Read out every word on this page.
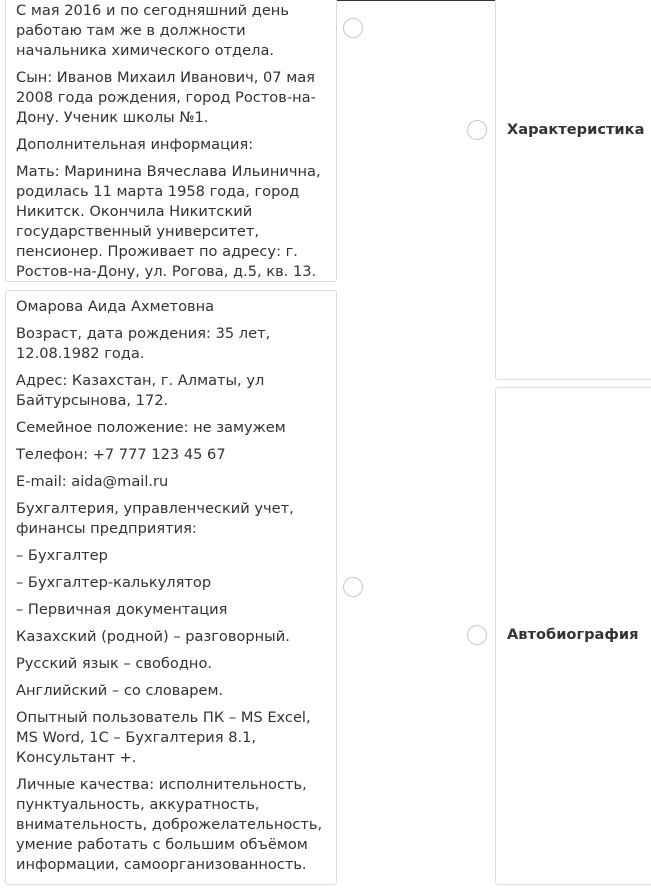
С мая 2016 и по сегодняшний день работаю там же в должности начальника химического отдела.

Сын: Иванов Михаил Иванович, 07 мая 2008 года рождения, город Ростов-на-Дону. Ученик школы №1.

Дополнительная информация:

Мать: Маринина Вячеслава Ильинична, родилась 11 марта 1958 года, город Никитск. Окончила Никитский государственный университет, пенсионер. Проживает по адресу: г. Ростов-на-Дону, ул. Рогова, д.5, кв. 13.

Омарова Аида Ахметовна

Возраст, дата рождения: 35 лет, 12.08.1982 года.

Адрес: Казахстан, г. Алматы, ул Байтурсынова, 172.

Семейное положение: не замужем

Телефон: +7 777 123 45 67

E-mail: aida@mail.ru

Бухгалтерия, управленческий учет, финансы предприятия:

– Бухгалтер

– Бухгалтер-калькулятор

– Первичная документация

Казахский (родной) – разговорный.

Русский язык – свободно.

Английский – со словарем.

Опытный пользователь ПК – MS Excel, MS Word, 1С – Бухгалтерия 8.1, Консультант +.

Личные качества: исполнительность, пунктуальность, аккуратность, внимательность, доброжелательность, умение работать с большим объёмом информации, самоорганизованность.

Характеристика
Автобиография
